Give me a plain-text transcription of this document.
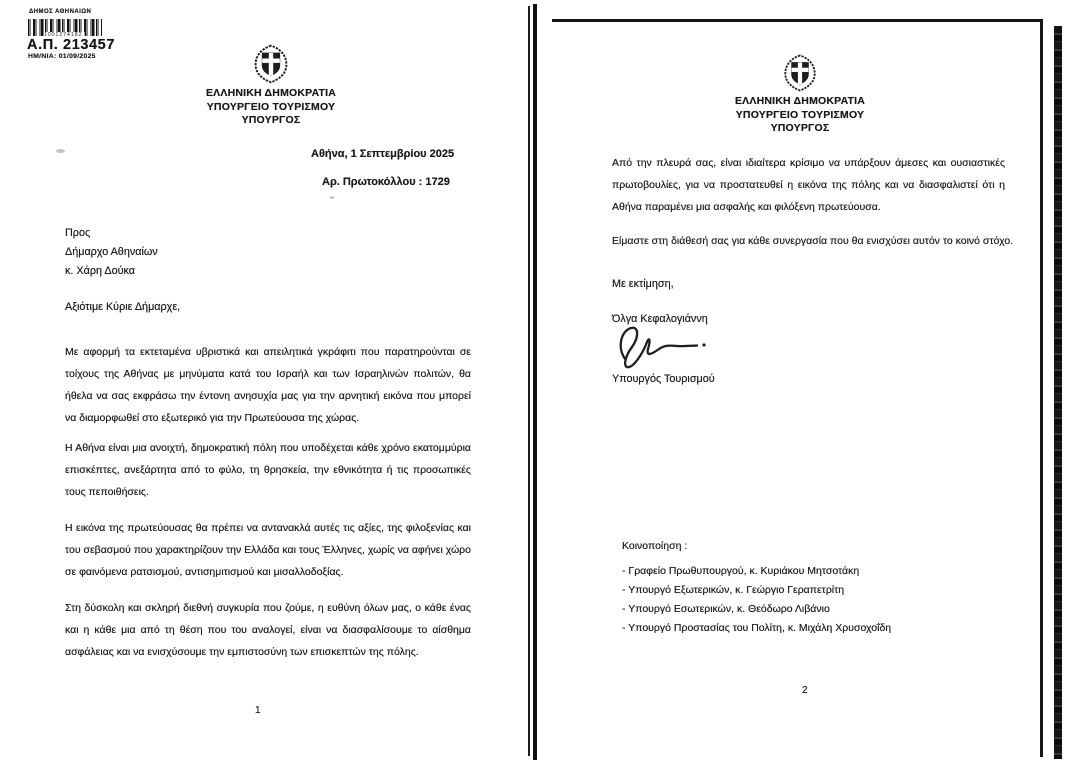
ΔΗΜΟΣ ΑΘΗΝΑΙΩΝ
001274182
Α.Π. 213457
ΗΜ/ΝΙΑ: 01/09/2025
ΕΛΛΗΝΙΚΗ ΔΗΜΟΚΡΑΤΙΑ
ΥΠΟΥΡΓΕΙΟ ΤΟΥΡΙΣΜΟΥ
ΥΠΟΥΡΓΟΣ
Αθήνα, 1 Σεπτεμβρίου 2025
Αρ. Πρωτοκόλλου : 1729
Προς
Δήμαρχο Αθηναίων
κ. Χάρη Δούκα
Αξιότιμε Κύριε Δήμαρχε,
Με αφορμή τα εκτεταμένα υβριστικά και απειλητικά γκράφιτι που παρατηρούνται σε τοίχους της Αθήνας με μηνύματα κατά του Ισραήλ και των Ισραηλινών πολιτών, θα ήθελα να σας εκφράσω την έντονη ανησυχία μας για την αρνητική εικόνα που μπορεί να διαμορφωθεί στο εξωτερικό για την Πρωτεύουσα της χώρας.
Η Αθήνα είναι μια ανοιχτή, δημοκρατική πόλη που υποδέχεται κάθε χρόνο εκατομμύρια επισκέπτες, ανεξάρτητα από το φύλο, τη θρησκεία, την εθνικότητα ή τις προσωπικές τους πεποιθήσεις.
Η εικόνα της πρωτεύουσας θα πρέπει να αντανακλά αυτές τις αξίες, της φιλοξενίας και του σεβασμού που χαρακτηρίζουν την Ελλάδα και τους Έλληνες, χωρίς να αφήνει χώρο σε φαινόμενα ρατσισμού, αντισημιτισμού και μισαλλοδοξίας.
Στη δύσκολη και σκληρή διεθνή συγκυρία που ζούμε, η ευθύνη όλων μας, ο κάθε ένας και η κάθε μια από τη θέση που του αναλογεί, είναι να διασφαλίσουμε το αίσθημα ασφάλειας και να ενισχύσουμε την εμπιστοσύνη των επισκεπτών της πόλης.
1
ΕΛΛΗΝΙΚΗ ΔΗΜΟΚΡΑΤΙΑ
ΥΠΟΥΡΓΕΙΟ ΤΟΥΡΙΣΜΟΥ
ΥΠΟΥΡΓΟΣ
Από την πλευρά σας, είναι ιδιαίτερα κρίσιμο να υπάρξουν άμεσες και ουσιαστικές πρωτοβουλίες, για να προστατευθεί η εικόνα της πόλης και να διασφαλιστεί ότι η Αθήνα παραμένει μια ασφαλής και φιλόξενη πρωτεύουσα.
Είμαστε στη διάθεσή σας για κάθε συνεργασία που θα ενισχύσει αυτόν το κοινό στόχο.
Με εκτίμηση,
Όλγα Κεφαλογιάννη
Υπουργός Τουρισμού
Κοινοποίηση :
- Γραφείο Πρωθυπουργού, κ. Κυριάκου Μητσοτάκη
- Υπουργό Εξωτερικών, κ. Γεώργιο Γεραπετρίτη
- Υπουργό Εσωτερικών, κ. Θεόδωρο Λιβάνιο
- Υπουργό Προστασίας του Πολίτη, κ. Μιχάλη Χρυσοχοΐδη
2
